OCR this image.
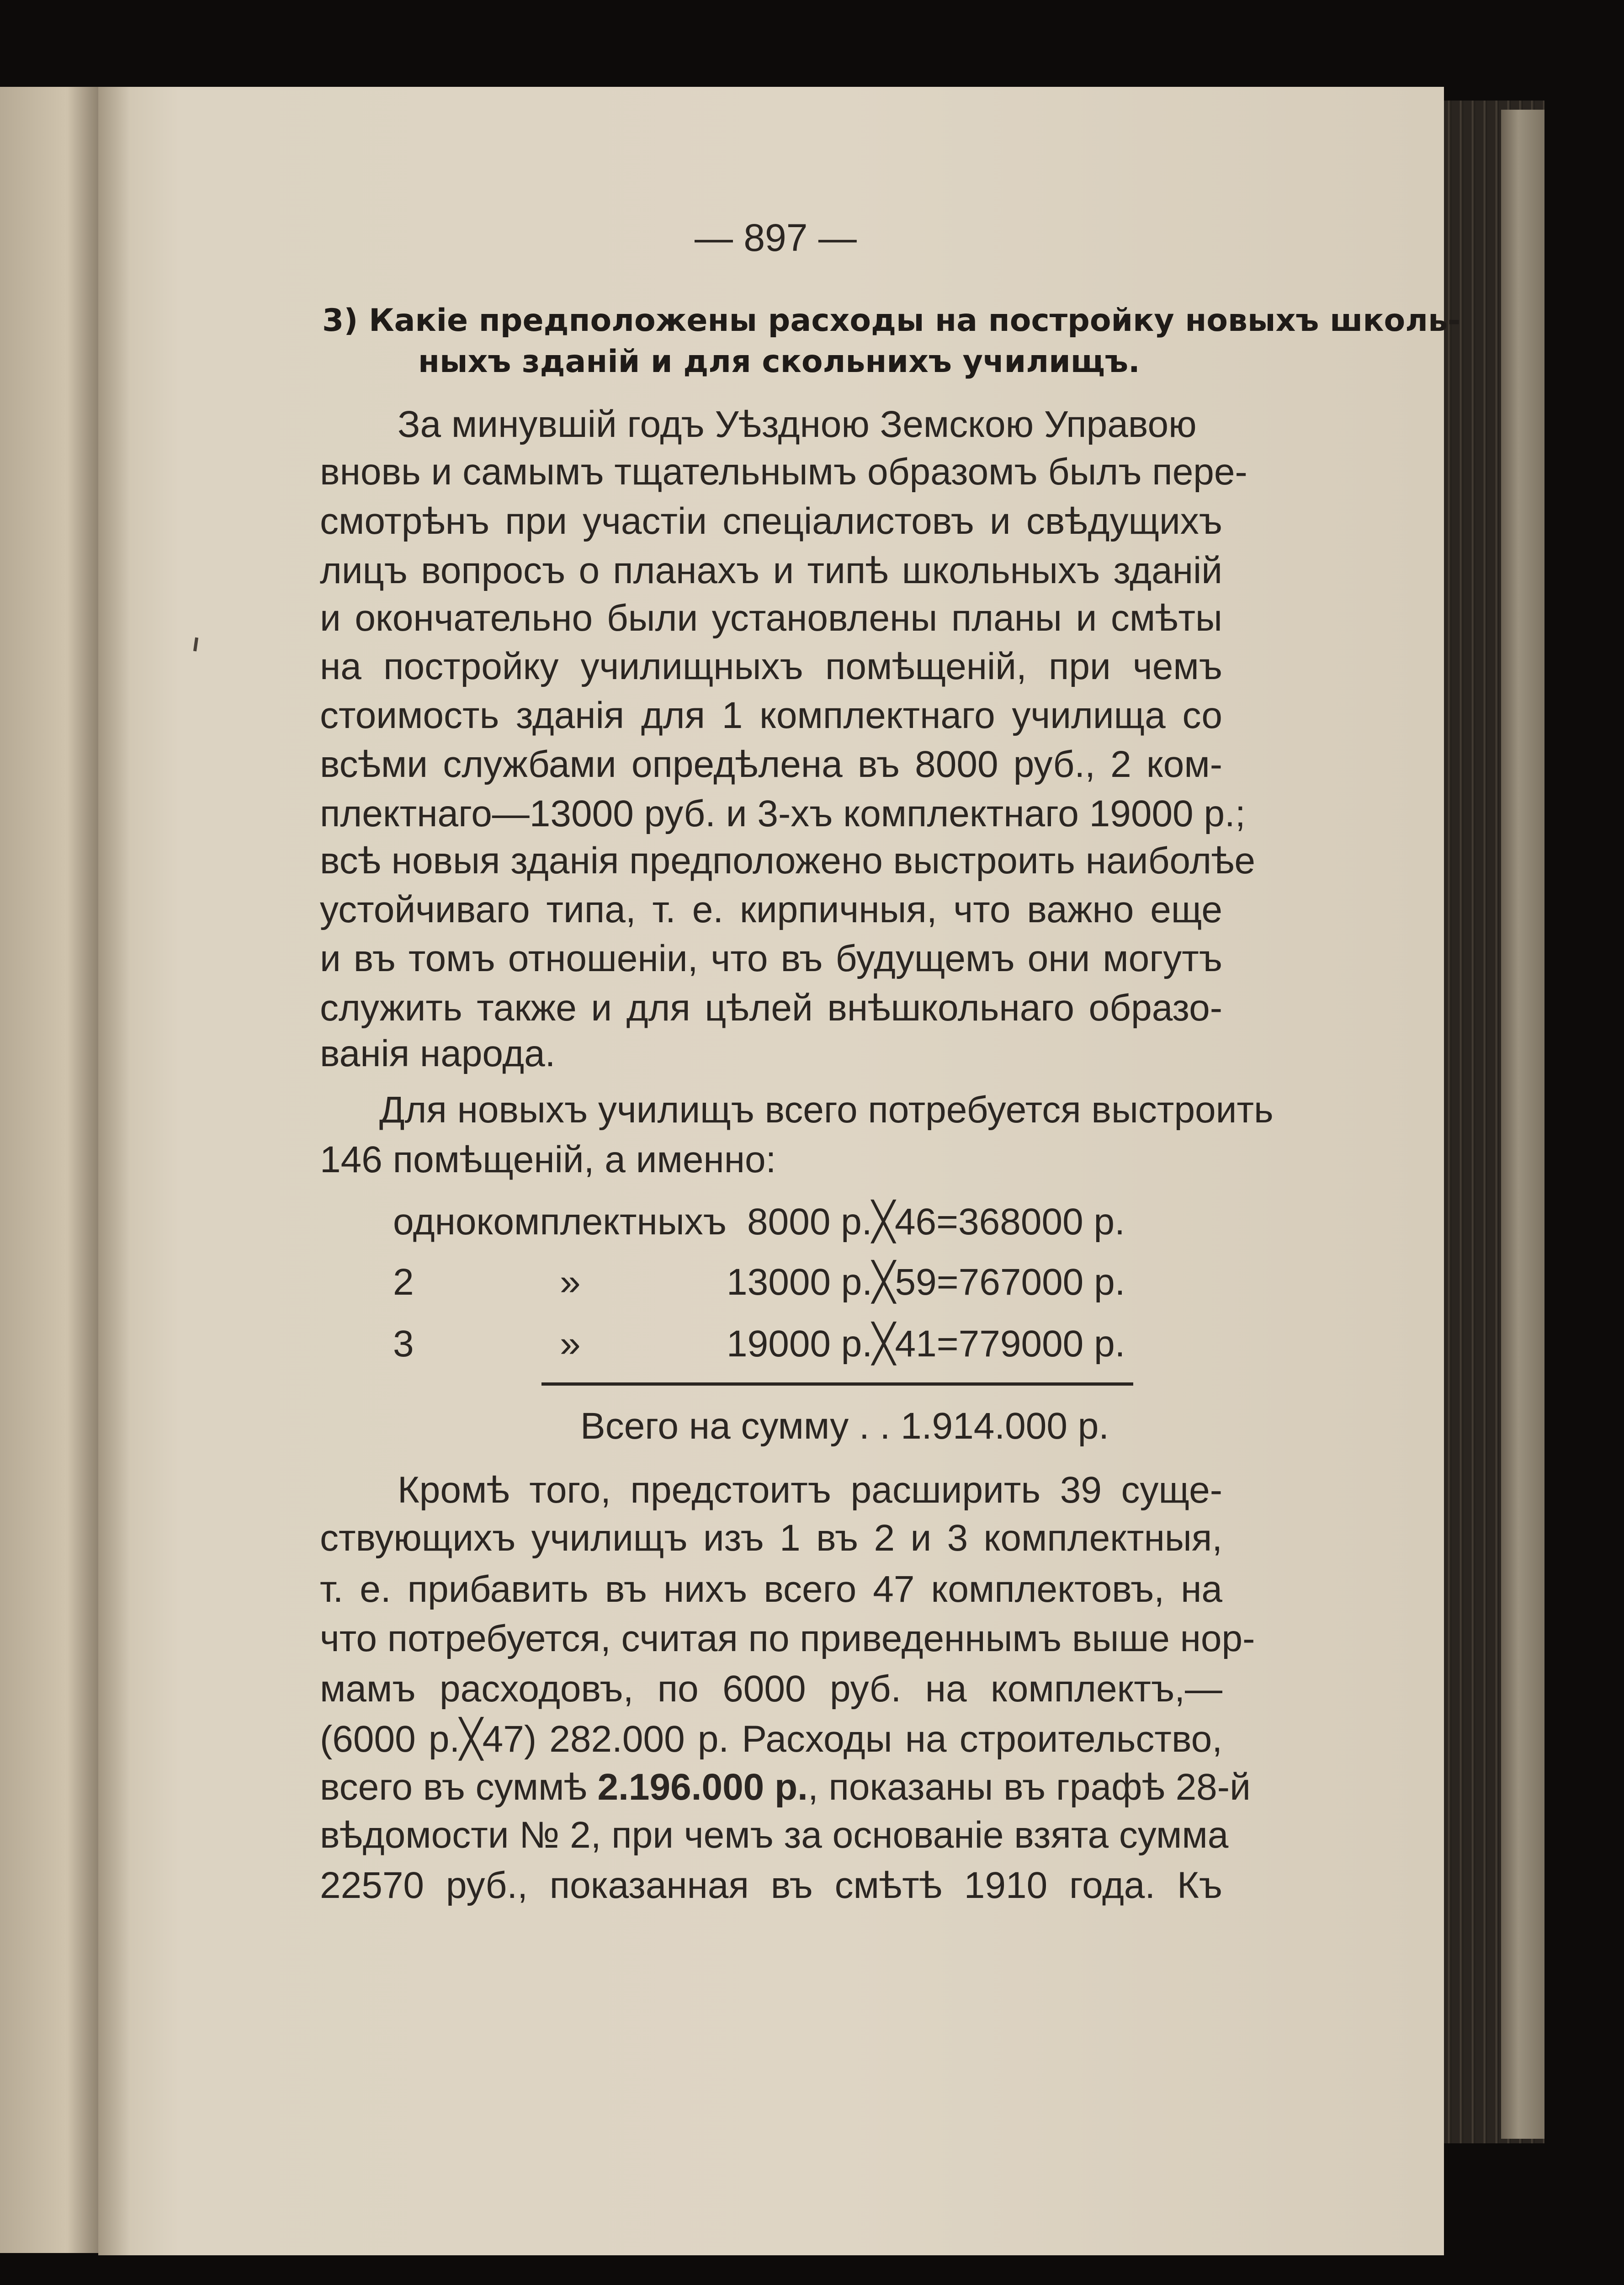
— 897 —
3) Какіе предположены расходы на постройку новыхъ школь-
ныхъ зданій и для скольнихъ училищъ.
За минувшій годъ Уѣздною Земскою Управою
вновь и самымъ тщательнымъ образомъ былъ пере-
смотрѣнъ при участіи спеціалистовъ и свѣдущихъ
лицъ вопросъ о планахъ и типѣ школьныхъ зданій
и окончательно были установлены планы и смѣты
на постройку училищныхъ помѣщеній, при чемъ
стоимость зданія для 1 комплектнаго училища со
всѣми службами опредѣлена въ 8000 руб., 2 ком-
плектнаго—13000 руб. и 3-хъ комплектнаго 19000 р.;
всѣ новыя зданія предположено выстроить наиболѣе
устойчиваго типа, т. е. кирпичныя, что важно еще
и въ томъ отношеніи, что въ будущемъ они могутъ
служить также и для цѣлей внѣшкольнаго образо-
ванія народа.
Для новыхъ училищъ всего потребуется выстроить
146 помѣщеній, а именно:
однокомплектныхъ 8000 р.╳46=368000 р.
2	»	13000 р.╳59=767000 р.
3	»	19000 р.╳41=779000 р.
Всего на сумму . . 1.914.000 р.
Кромѣ того, предстоитъ расширить 39 суще-
ствующихъ училищъ изъ 1 въ 2 и 3 комплектныя,
т. е. прибавить въ нихъ всего 47 комплектовъ, на
что потребуется, считая по приведеннымъ выше нор-
мамъ расходовъ, по 6000 руб. на комплектъ,—
(6000 р.╳47) 282.000 р. Расходы на строительство,
всего въ суммѣ 2.196.000 р., показаны въ графѣ 28-й
вѣдомости № 2, при чемъ за основаніе взята сумма
22570 руб., показанная въ смѣтѣ 1910 года. Къ
